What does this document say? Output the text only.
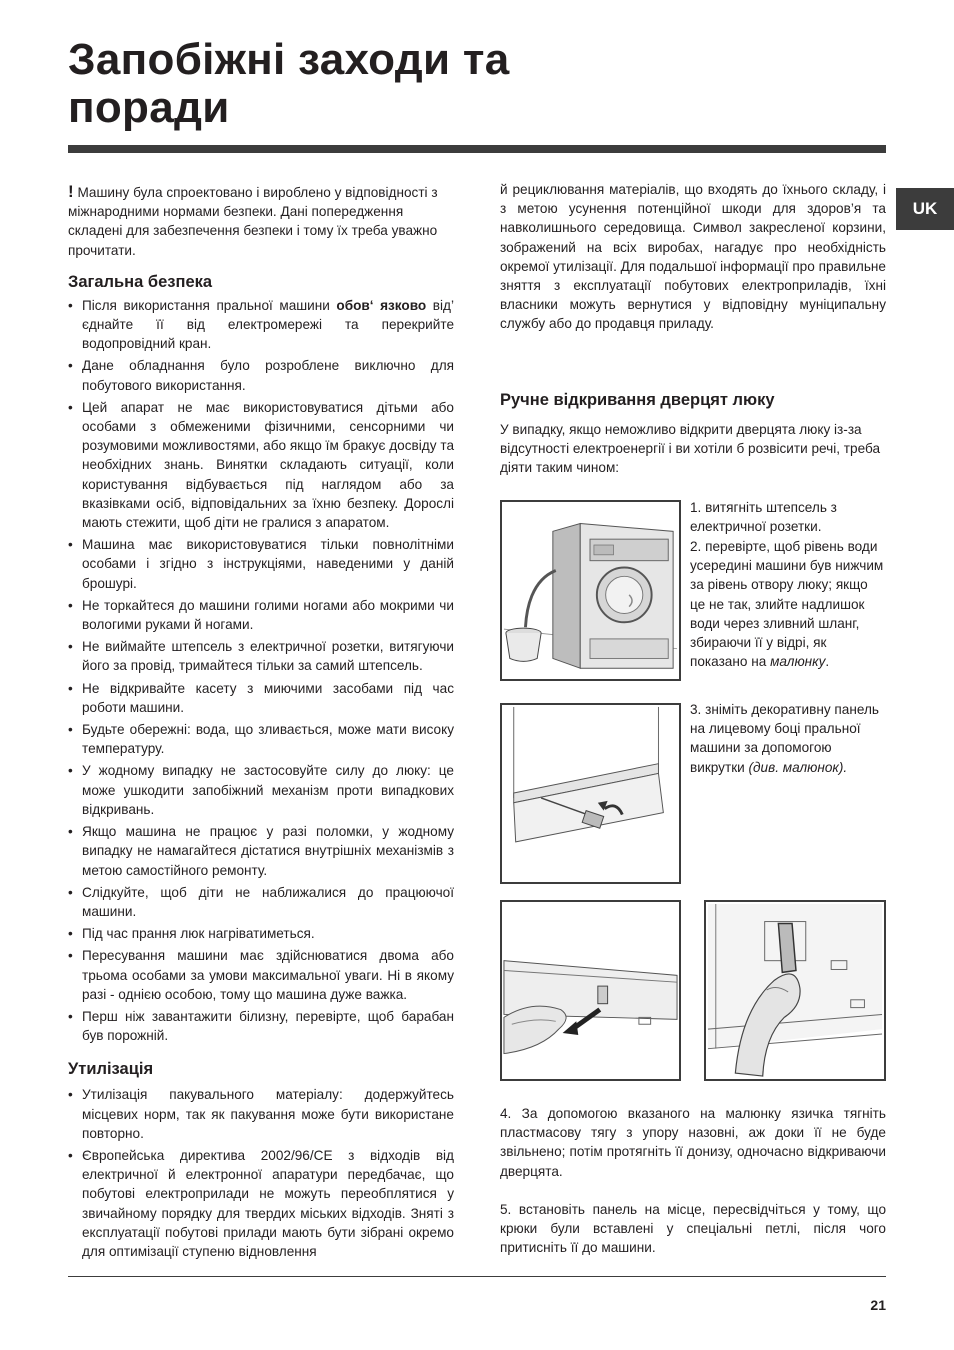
Запобіжні заходи та
поради
UK

! Машину була спроектовано і вироблено у відповідності з міжнародними нормами безпеки. Дані попередження складені для забезпечення безпеки і тому їх треба уважно прочитати.

Загальна безпека
• Після використання пральної машини обов‘ язково від’ єднайте її від електромережі та перекрийте водопровідний кран.
• Дане обладнання було розроблене виключно для побутового використання.
• Цей апарат не має використовуватися дітьми або особами з обмеженими фізичними, сенсорними чи розумовими можливостями, або якщо їм бракує досвіду та необхідних знань. Винятки складають ситуації, коли користування відбувається під наглядом або за вказівками осіб, відповідальних за їхню безпеку. Дорослі мають стежити, щоб діти не гралися з апаратом.
• Машина має використовуватися тільки повнолітніми особами і згідно з інструкціями, наведеними у даній брошурі.
• Не торкайтеся до машини голими ногами або мокрими чи вологими руками й ногами.
• Не виймайте штепсель з електричної розетки, витягуючи його за провід, тримайтеся тільки за самий штепсель.
• Не відкривайте касету з миючими засобами під час роботи машини.
• Будьте обережні: вода, що зливається, може мати високу температуру.
• У жодному випадку не застосовуйте силу до люку: це може ушкодити запобіжний механізм проти випадкових відкривань.
• Якщо машина не працює у разі поломки, у жодному випадку не намагайтеся дістатися внутрішніх механізмів з метою самостійного ремонту.
• Слідкуйте, щоб діти не наближалися до працюючої машини.
• Під час прання люк нагріватиметься.
• Пересування машини має здійснюватися двома або трьома особами за умови максимальної уваги. Ні в якому разі - однією особою, тому що машина дуже важка.
• Перш ніж завантажити білизну, перевірте, щоб барабан був порожній.
Утилізація
• Утилізація пакувального матеріалу: додержуйтесь місцевих норм, так як пакування може бути використане повторно.
• Європейська директива 2002/96/CE з відходів від електричної й електронної апаратури передбачає, що побутові електроприлади не можуть переобплятися у звичайному порядку для твердих міських відходів. Зняті з експлуатації побутові прилади мають бути зібрані окремо для оптимізації ступеню відновлення

й рециклювання матеріалів, що входять до їхнього складу, і з метою усунення потенційної шкоди для здоров’я та навколишнього середовища. Символ закресленої корзини, зображений на всіх виробах, нагадує про необхідність окремої утилізації. Для подальшої інформації про правильне зняття з експлуатації побутових електроприладів, їхні власники можуть вернутися у відповідну муніципальну службу або до продавця приладу.

Ручне відкривання дверцят люку

У випадку, якщо неможливо відкрити дверцята люку із-за відсутності електроенергії і ви хотіли б розвісити речі, треба діяти таким чином:

1. витягніть штепсель з електричної розетки.

2. перевірте, щоб рівень води усередині машини був нижчим за рівень отвору люку; якщо це не так, злийте надлишок води через зливний шланг, збираючи її у відрі, як показано на малюнку.

3. зніміть декоративну панель на лицевому боці пральної машини за допомогою викрутки (див. малюнок).

4. За допомогою вказаного на малюнку язичка тягніть пластмасову тягу з упору назовні, аж доки її не буде звільнено; потім протягніть її донизу, одночасно відкриваючи дверцята.

5. встановіть панель на місце, пересвідчіться у тому, що крюки були вставлені у спеціальні петлі, після чого притисніть її до машини.

21
